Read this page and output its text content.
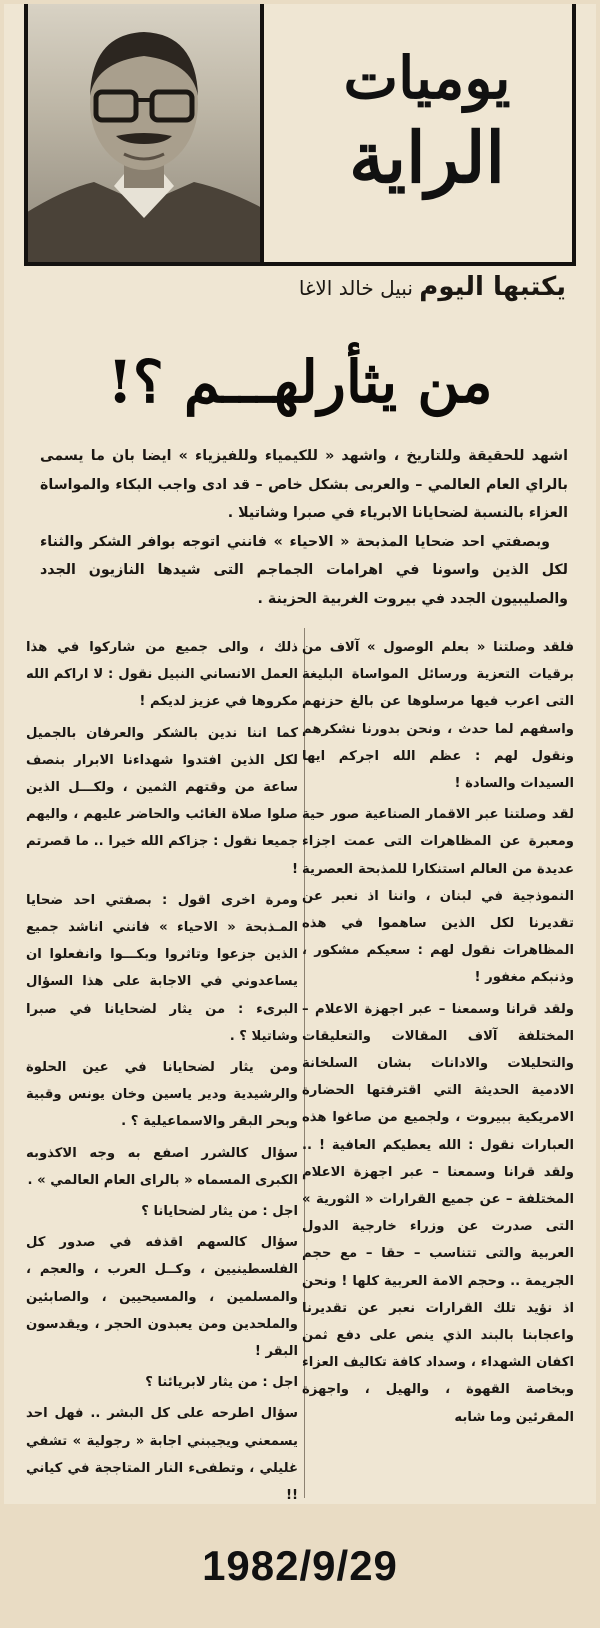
يوميات
الراية
يكتبها اليوم نبيل خالد الاغا
من يثأرلهـــم ؟!

اشهد للحقيقة وللتاريخ ، واشهد « للكيمياء وللفيزياء » ايضا بان ما يسمى بالراي العام العالمي – والعربى بشكل خاص – قد ادى واجب البكاء والمواساة العزاء بالنسبة لضحايانا الابرياء في صبرا وشاتيلا .

وبصفتي احد ضحايا المذبحة « الاحياء » فانني اتوجه بوافر الشكر والثناء لكل الذين واسونا في اهرامات الجماجم التى شيدها النازيون الجدد والصليبيون الجدد في بيروت الغربية الحزينة .

فلقد وصلتنا « بعلم الوصول » آلاف من برقيات التعزية ورسائل المواساة البليغة التى اعرب فيها مرسلوها عن بالغ حزنهم واسفهم لما حدث ، ونحن بدورنا نشكرهم ونقول لهم : عظم الله اجركم ايها السيدات والسادة !

لقد وصلتنا عبر الاقمار الصناعية صور حية ومعبرة عن المظاهرات التى عمت اجزاء عديدة من العالم استنكارا للمذبحة العصرية النموذجية في لبنان ، واننا اذ نعبر عن تقديرنا لكل الذين ساهموا في هذه المظاهرات نقول لهم : سعيكم مشكور ، وذنبكم مغفور !

ولقد قرانا وسمعنا – عبر اجهزة الاعلام – المختلفة آلاف المقالات والتعليقات والتحليلات والادانات بشان السلخانة الادمية الحديثة التي اقترفتها الحضارة الامريكية ببيروت ، ولجميع من صاغوا هذه العبارات نقول : الله يعطيكم العافية ! .. ولقد قرانا وسمعنا – عبر اجهزة الاعلام المختلفة – عن جميع القرارات « الثورية » التى صدرت عن وزراء خارجية الدول العربية والتى تتناسب – حقا – مع حجم الجريمة .. وحجم الامة العربية كلها ! ونحن اذ نؤيد تلك القرارات نعبر عن تقديرنا واعجابنا بالبند الذي ينص على دفع ثمن اكفان الشهداء ، وسداد كافة تكاليف العزاء وبخاصة القهوة ، والهيل ، واجهزة المقرئين وما شابه

ذلك ، والى جميع من شاركوا في هذا العمل الانساني النبيل نقول : لا اراكم الله مكروها في عزيز لديكم !

كما اننا ندين بالشكر والعرفان بالجميل لكل الذين افتدوا شهداءنا الابرار بنصف ساعة من وقتهم الثمين ، ولكـــل الذين صلوا صلاة الغائب والحاضر عليهم ، واليهم جميعا نقول : جزاكم الله خيرا .. ما قصرتم !

ومرة اخرى اقول : بصفتي احد ضحايا المـذبحة « الاحياء » فانني اناشد جميع الذين جزعوا وتاثروا وبكـــوا وانفعلوا ان يساعدوني في الاجابة على هذا السؤال البرىء : من يثار لضحايانا في صبرا وشاتيلا ؟ .

ومن يثار لضحايانا في عين الحلوة والرشيدية ودير ياسين وخان يونس وقبية وبحر البقر والاسماعيلية ؟ .

سؤال كالشرر اصفع به وجه الاكذوبه الكبرى المسماه « بالراى العام العالمي » .

اجل : من يثار لضحايانا ؟

سؤال كالسهم اقذفه في صدور كل الفلسطينيين ، وكــل العرب ، والعجم ، والمسلمين ، والمسيحيين ، والصابئين والملحدين ومن يعبدون الحجر ، ويقدسون البقر !

اجل : من يثار لابريائنا ؟

سؤال اطرحه على كل البشر .. فهل احد يسمعني ويجيبني اجابة « رجولية » تشفي غليلي ، وتطفىء النار المتاججة في كياني !!

1982/9/29
